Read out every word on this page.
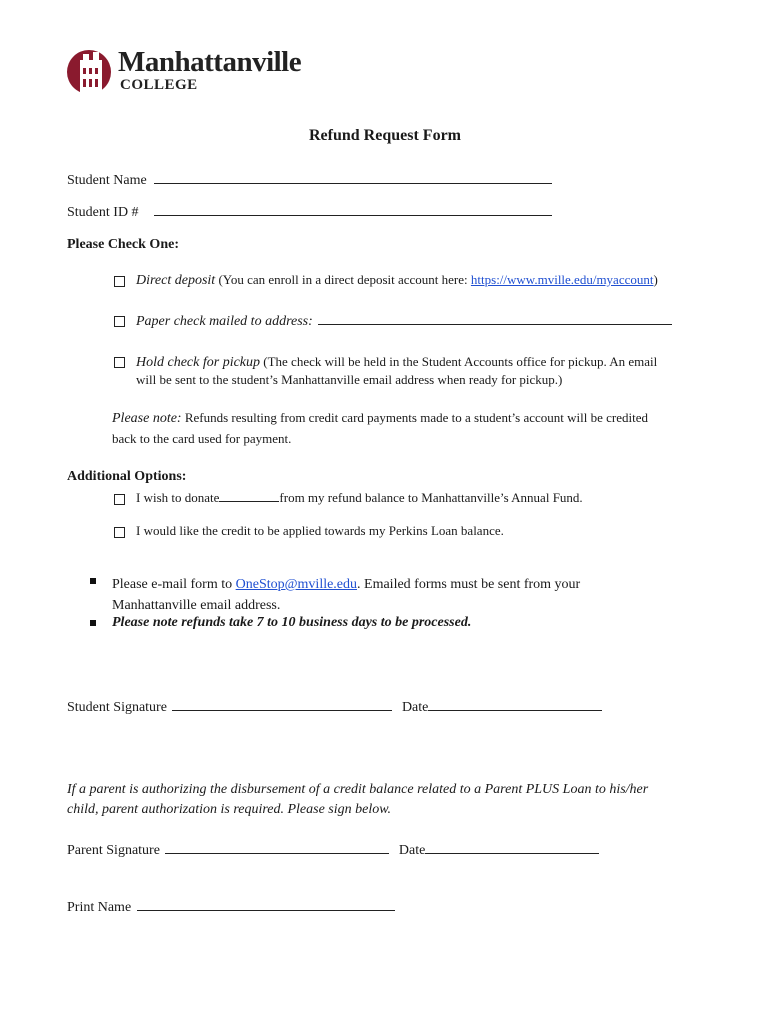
Manhattanville
COLLEGE
Refund Request Form
Student Name
Student ID #
Please Check One:
Direct deposit (You can enroll in a direct deposit account here: https://www.mville.edu/myaccount)
Paper check mailed to address:
Hold check for pickup (The check will be held in the Student Accounts office for pickup. An email
will be sent to the student’s Manhattanville email address when ready for pickup.)
Please note: Refunds resulting from credit card payments made to a student’s account will be credited
back to the card used for payment.
Additional Options:
I wish to donate	from my refund balance to Manhattanville’s Annual Fund.
I would like the credit to be applied towards my Perkins Loan balance.
Please e-mail form to OneStop@mville.edu. Emailed forms must be sent from your
Manhattanville email address.
Please note refunds take 7 to 10 business days to be processed.
Student Signature	Date
If a parent is authorizing the disbursement of a credit balance related to a Parent PLUS Loan to his/her
child, parent authorization is required. Please sign below.
Parent Signature	Date
Print Name
